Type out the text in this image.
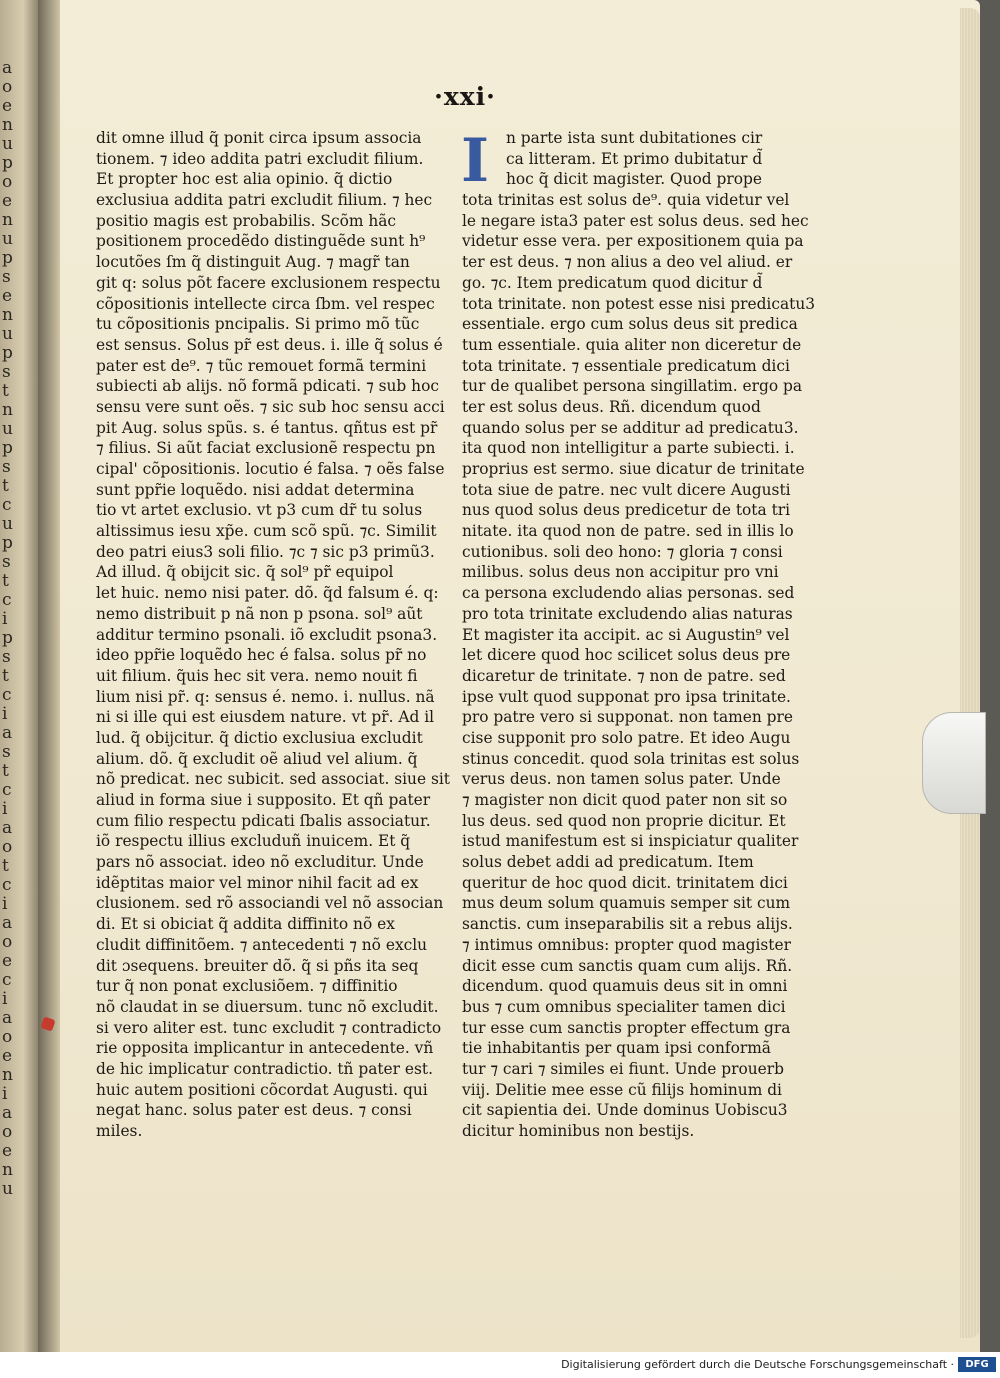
a
o
e
n
u
p
o
e
n
u
p
s
e
n
u
p
s
t
n
u
p
s
t
c
u
p
s
t
c
i
p
s
t
c
i
a
s
t
c
i
a
o
t
c
i
a
o
e
c
i
a
o
e
n
i
a
o
e
n
u
·xxi·
I
dit omne illud q̃ ponit circa ipsum associa
tionem. ⁊ ideo addita patri excludit filium.
Et propter hoc est alia opinio. q̃ dictio
exclusiua addita patri excludit filium. ⁊ hec
positio magis est probabilis. Scõm hãc
positionem procedẽdo distinguẽde sunt h⁹
locutões ſm q̃ distinguit Aug. ⁊ magr̃ tan
git q: solus põt facere exclusionem respectu
cõpositionis intellecte circa ſbm. vel respec
tu cõpositionis pncipalis. Si primo mõ tũc
est sensus. Solus pr̃ est deus. i. ille q̃ solus é
pater est de⁹. ⁊ tũc remouet formã termini
subiecti ab alijs. nõ formã pdicati. ⁊ sub hoc
sensu vere sunt oẽs. ⁊ sic sub hoc sensu acci
pit Aug. solus spũs. s. é tantus. qñtus est pr̃
⁊ filius. Si aũt faciat exclusionẽ respectu pn
cipal' cõpositionis. locutio é falsa. ⁊ oẽs false
sunt ppr̃ie loquẽdo. nisi addat determina
tio vt artet exclusio. vt p3 cum dr̃ tu solus
altissimus iesu xp̃e. cum scõ spũ. ⁊c. Similit
deo patri eius3 soli filio. ⁊c ⁊ sic p3 primũ3.
Ad illud. q̃ obijcit sic. q̃ sol⁹ pr̃ equipol
let huic. nemo nisi pater. dõ. q̃d falsum é. q:
nemo distribuit p nã non p psona. sol⁹ aũt
additur termino psonali. iõ excludit psona3.
ideo ppr̃ie loquẽdo hec é falsa. solus pr̃ no
uit filium. q̃uis hec sit vera. nemo nouit fi
lium nisi pr̃. q: sensus é. nemo. i. nullus. nã
ni si ille qui est eiusdem nature. vt pr̃. Ad il
lud. q̃ obijcitur. q̃ dictio exclusiua excludit
alium. dõ. q̃ excludit oẽ aliud vel alium. q̃
nõ predicat. nec subicit. sed associat. siue sit
aliud in forma siue i supposito. Et qñ pater
cum filio respectu pdicati ſbalis associatur.
iõ respectu illius excluduñ inuicem. Et q̃
pars nõ associat. ideo nõ excluditur. Unde
idẽptitas maior vel minor nihil facit ad ex
clusionem. sed rõ associandi vel nõ associan
di. Et si obiciat q̃ addita diffinito nõ ex
cludit diffinitõem. ⁊ antecedenti ⁊ nõ exclu
dit ɔsequens. breuiter dõ. q̃ si pñs ita seq
tur q̃ non ponat exclusiõem. ⁊ diffinitio
nõ claudat in se diuersum. tunc nõ excludit.
si vero aliter est. tunc excludit ⁊ contradicto
rie opposita implicantur in antecedente. vñ
de hic implicatur contradictio. tñ pater est.
huic autem positioni cõcordat Augusti. qui
negat hanc. solus pater est deus. ⁊ consi
miles.
n parte ista sunt dubitationes cir
ca litteram. Et primo dubitatur d̃
hoc q̃ dicit magister. Quod prope
tota trinitas est solus de⁹. quia videtur vel
le negare ista3 pater est solus deus. sed hec
videtur esse vera. per expositionem quia pa
ter est deus. ⁊ non alius a deo vel aliud. er
go. ⁊c. Item predicatum quod dicitur d̃
tota trinitate. non potest esse nisi predicatu3
essentiale. ergo cum solus deus sit predica
tum essentiale. quia aliter non diceretur de
tota trinitate. ⁊ essentiale predicatum dici
tur de qualibet persona singillatim. ergo pa
ter est solus deus. Rñ. dicendum quod
quando solus per se additur ad predicatu3.
ita quod non intelligitur a parte subiecti. i.
proprius est sermo. siue dicatur de trinitate
tota siue de patre. nec vult dicere Augusti
nus quod solus deus predicetur de tota tri
nitate. ita quod non de patre. sed in illis lo
cutionibus. soli deo hono: ⁊ gloria ⁊ consi
milibus. solus deus non accipitur pro vni
ca persona excludendo alias personas. sed
pro tota trinitate excludendo alias naturas
Et magister ita accipit. ac si Augustin⁹ vel
let dicere quod hoc scilicet solus deus pre
dicaretur de trinitate. ⁊ non de patre. sed
ipse vult quod supponat pro ipsa trinitate.
pro patre vero si supponat. non tamen pre
cise supponit pro solo patre. Et ideo Augu
stinus concedit. quod sola trinitas est solus
verus deus. non tamen solus pater. Unde
⁊ magister non dicit quod pater non sit so
lus deus. sed quod non proprie dicitur. Et
istud manifestum est si inspiciatur qualiter
solus debet addi ad predicatum. Item
queritur de hoc quod dicit. trinitatem dici
mus deum solum quamuis semper sit cum
sanctis. cum inseparabilis sit a rebus alijs.
⁊ intimus omnibus: propter quod magister
dicit esse cum sanctis quam cum alijs. Rñ.
dicendum. quod quamuis deus sit in omni
bus ⁊ cum omnibus specialiter tamen dici
tur esse cum sanctis propter effectum gra
tie inhabitantis per quam ipsi conformã
tur ⁊ cari ⁊ similes ei fiunt. Unde prouerb
viij. Delitie mee esse cũ filijs hominum di
cit sapientia dei. Unde dominus Uobiscu3
dicitur hominibus non bestijs.
Digitalisierung gefördert durch die Deutsche Forschungsgemeinschaft ·	DFG
